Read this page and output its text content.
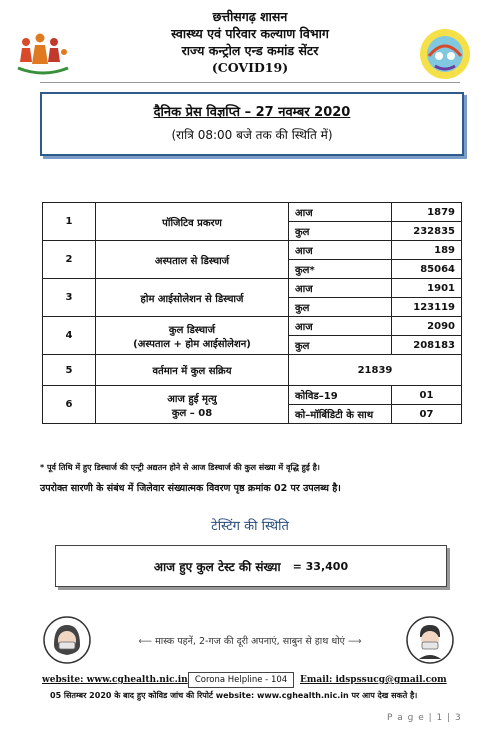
छत्तीसगढ़ शासन
स्वास्थ्य एवं परिवार कल्याण विभाग
राज्य कन्ट्रोल एन्ड कमांड सेंटर
(COVID19)
दैनिक प्रेस विज्ञप्ति – 27 नवम्बर 2020
(रात्रि 08:00 बजे तक की स्थिति में)
1	पॉजिटिव प्रकरण	आज	1879
		कुल	232835
2	अस्पताल से डिस्चार्ज	आज	189
		कुल*	85064
3	होम आईसोलेशन से डिस्चार्ज	आज	1901
		कुल	123119
4	कुल डिस्चार्ज
(अस्पताल + होम आईसोलेशन)	आज	2090
		कुल	208183
5	वर्तमान में कुल सक्रिय	21839	
6	आज हुई मृत्यु
कुल – 08	कोविड–19	01
		को–मॉर्बिडिटी के साथ	07
* पूर्व तिथि में हुए डिस्चार्ज की एन्ट्री अद्यतन होने से आज डिस्चार्ज की कुल संख्या में वृद्धि हुई है।
उपरोक्त सारणी के संबंध में जिलेवार संख्यात्मक विवरण पृष्ठ क्रमांक 02 पर उपलब्ध है।
टेस्टिंग की स्थिति
आज हुए कुल टेस्ट की संख्या = 33,400
⟵ मास्क पहनें, 2-गज की दूरी अपनाएं, साबुन से हाथ धोएं ⟶
website: www.cghealth.nic.in Corona Helpline - 104	Email: idspssucg@gmail.com
05 सितम्बर 2020 के बाद हुए कोविड जांच की रिपोर्ट website: www.cghealth.nic.in पर आप देख सकते है।
P a g e | 1 | 3
